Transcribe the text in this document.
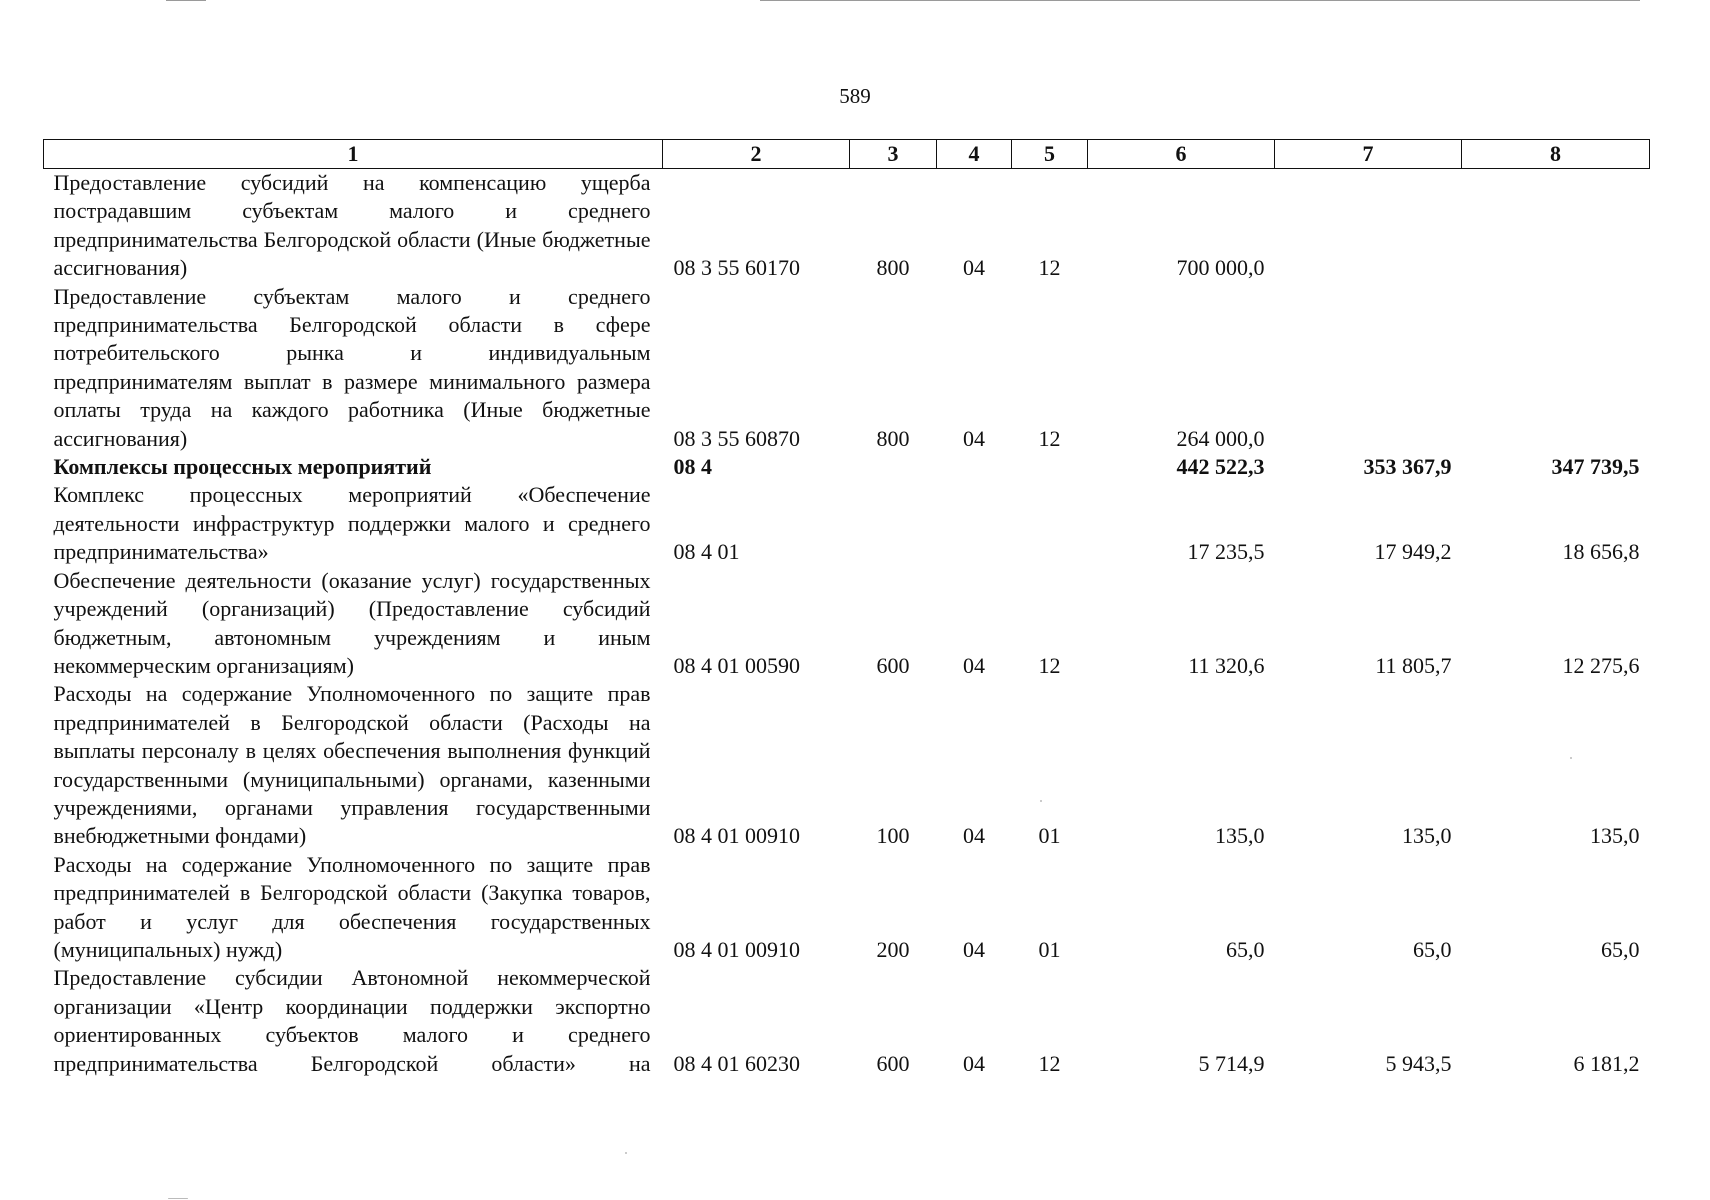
589
1	2	3	4	5	6	7	8
Предоставление субсидий на компенсацию ущерба пострадавшим субъектам малого и среднего предпринимательства Белгородской области (Иные бюджетные ассигнования)	08 3 55 60170	800	04	12	700 000,0		
Предоставление субъектам малого и среднего предпринимательства Белгородской области в сфере потребительского рынка и индивидуальным предпринимателям выплат в размере минимального размера оплаты труда на каждого работника (Иные бюджетные ассигнования)	08 3 55 60870	800	04	12	264 000,0		
Комплексы процессных мероприятий	08 4				442 522,3	353 367,9	347 739,5
Комплекс процессных мероприятий «Обеспечение деятельности инфраструктур поддержки малого и среднего предпринимательства»	08 4 01				17 235,5	17 949,2	18 656,8
Обеспечение деятельности (оказание услуг) государственных учреждений (организаций) (Предоставление субсидий бюджетным, автономным учреждениям и иным некоммерческим организациям)	08 4 01 00590	600	04	12	11 320,6	11 805,7	12 275,6
Расходы на содержание Уполномоченного по защите прав предпринимателей в Белгородской области (Расходы на выплаты персоналу в целях обеспечения выполнения функций государственными (муниципальными) органами, казенными учреждениями, органами управления государственными внебюджетными фондами)	08 4 01 00910	100	04	01	135,0	135,0	135,0
Расходы на содержание Уполномоченного по защите прав предпринимателей в Белгородской области (Закупка товаров, работ и услуг для обеспечения государственных (муниципальных) нужд)	08 4 01 00910	200	04	01	65,0	65,0	65,0
Предоставление субсидии Автономной некоммерческой организации «Центр координации поддержки экспортно ориентированных субъектов малого и среднего предпринимательства Белгородской области» на	08 4 01 60230	600	04	12	5 714,9	5 943,5	6 181,2
